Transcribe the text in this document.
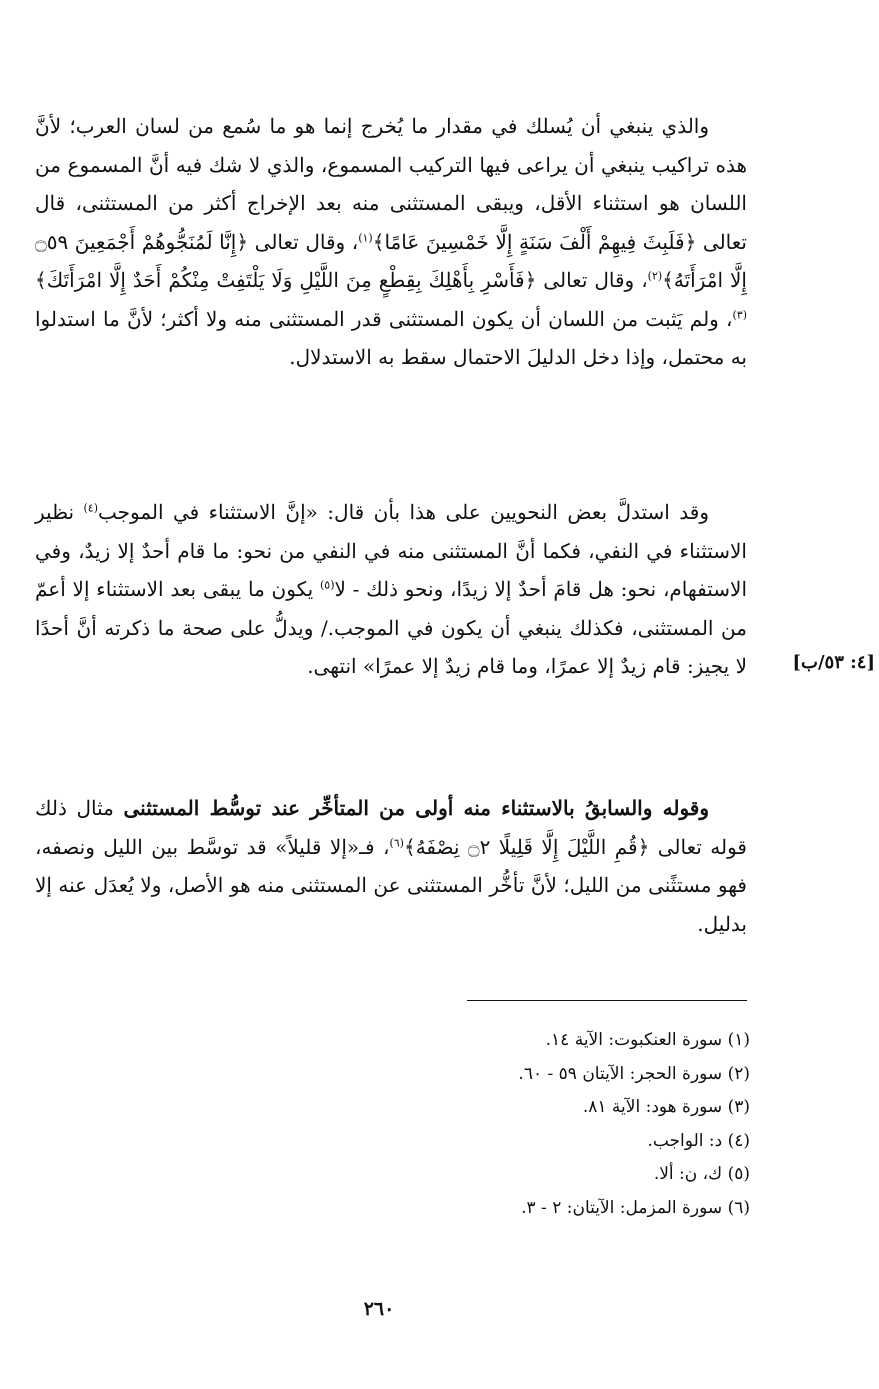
والذي ينبغي أن يُسلك في مقدار ما يُخرج إنما هو ما سُمع من لسان العرب؛ لأنَّ هذه تراكيب ينبغي أن يراعى فيها التركيب المسموع، والذي لا شك فيه أنَّ المسموع من اللسان هو استثناء الأقل، ويبقى المستثنى منه بعد الإخراج أكثر من المستثنى، قال تعالى ﴿فَلَبِثَ فِيهِمْ أَلْفَ سَنَةٍ إِلَّا خَمْسِينَ عَامًا﴾$^{(١)}$، وقال تعالى ﴿إِنَّا لَمُنَجُّوهُمْ أَجْمَعِينَ ۝٥٩ إِلَّا امْرَأَتَهُ﴾$^{(٢)}$، وقال تعالى ﴿فَأَسْرِ بِأَهْلِكَ بِقِطْعٍ مِنَ اللَّيْلِ وَلَا يَلْتَفِتْ مِنْكُمْ أَحَدٌ إِلَّا امْرَأَتَكَ﴾$^{(٣)}$، ولم يَثبت من اللسان أن يكون المستثنى قدر المستثنى منه ولا أكثر؛ لأنَّ ما استدلوا به محتمل، وإذا دخل الدليلَ الاحتمال سقط به الاستدلال.
وقد استدلَّ بعض النحويين على هذا بأن قال: «إنَّ الاستثناء في الموجب$^{(٤)}$ نظير الاستثناء في النفي، فكما أنَّ المستثنى منه في النفي من نحو: ما قام أحدٌ إلا زيدٌ، وفي الاستفهام، نحو: هل قامَ أحدٌ إلا زيدًا، ونحو ذلك - لا$^{(٥)}$ يكون ما يبقى بعد الاستثناء إلا أعمّ من المستثنى، فكذلك ينبغي أن يكون في الموجب./ ويدلُّ على صحة ما ذكرته أنَّ أحدًا لا يجيز: قام زيدٌ إلا عمرًا، وما قام زيدٌ إلا عمرًا» انتهى.	[٤: ٥٣/ب]
وقوله والسابقُ بالاستثناء منه أولى من المتأخِّر عند توسُّط المستثنى مثال ذلك قوله تعالى ﴿قُمِ اللَّيْلَ إِلَّا قَلِيلًا ۝٢ نِصْفَهُ﴾$^{(٦)}$، فـ«إلا قليلاً» قد توسَّط بين الليل ونصفه، فهو مستثًنى من الليل؛ لأنَّ تأخُّر المستثنى عن المستثنى منه هو الأصل، ولا يُعدَل عنه إلا بدليل.
(١) سورة العنكبوت: الآية ١٤.
(٢) سورة الحجر: الآيتان ٥٩ - ٦٠.
(٣) سورة هود: الآية ٨١.
(٤) د: الواجب.
(٥) ك، ن: ألا.
(٦) سورة المزمل: الآيتان: ٢ - ٣.
٢٦٠
